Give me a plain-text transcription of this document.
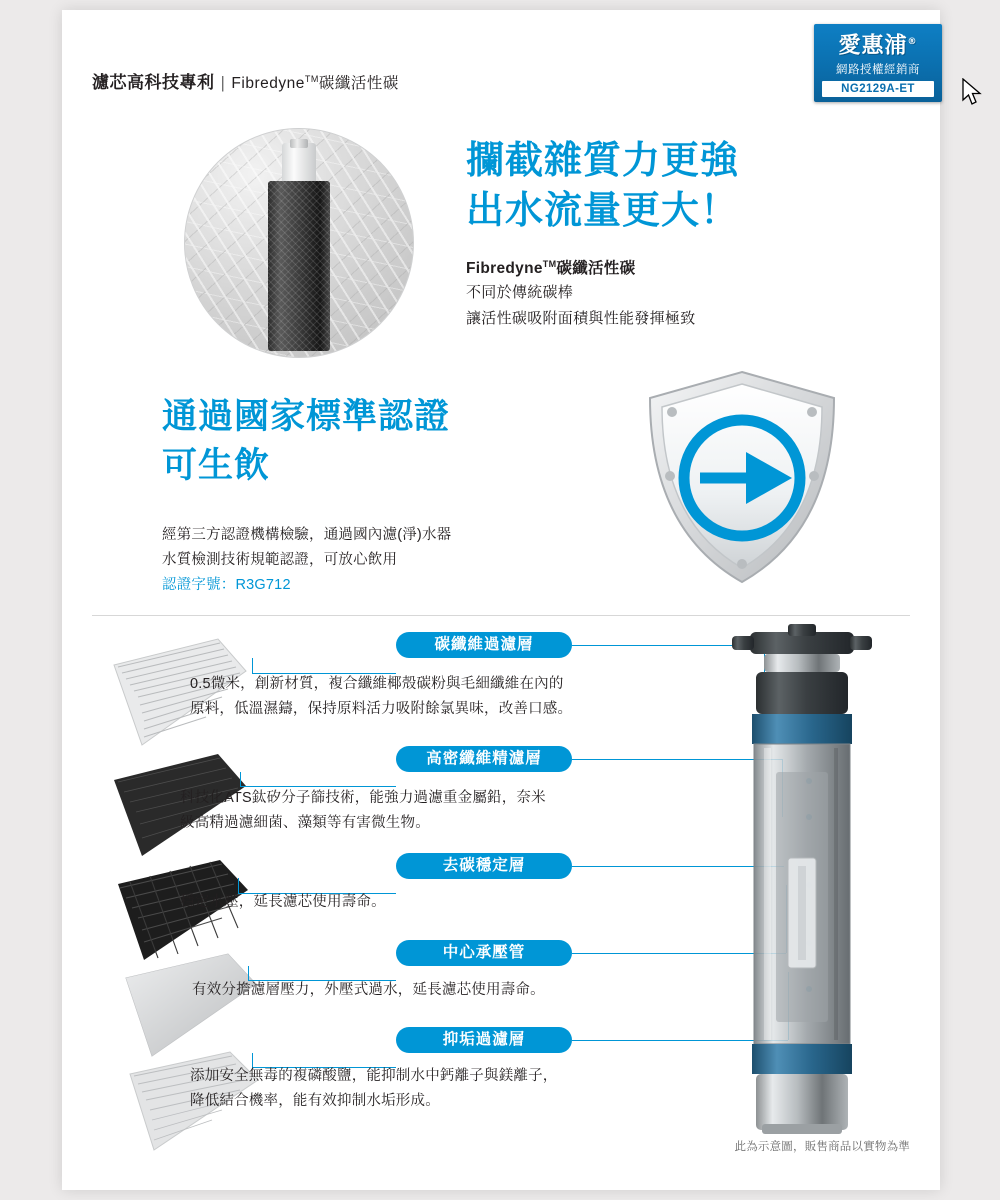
濾芯高科技專利 | Fibredyne™碳纖活性碳
愛惠浦®
網路授權經銷商
NG2129A-ET
攔截雜質力更強
出水流量更大！
Fibredyne™碳纖活性碳
不同於傳統碳棒
讓活性碳吸附面積與性能發揮極致
通過國家標準認證
可生飲
經第三方認證機構檢驗，通過國內濾(淨)水器
水質檢測技術規範認證，可放心飲用
認證字號：R3G712
碳纖維過濾層
0.5微米，創新材質，複合纖維椰殼碳粉與毛細纖維在內的
原料，低溫濕鑄，保持原料活力吸附餘氯異味，改善口感。
高密纖維精濾層
科技化ATS鈦矽分子篩技術，能強力過濾重金屬鉛，奈米
級高精過濾細菌、藻類等有害微生物。
去碳穩定層
穩定水壓，延長濾芯使用壽命。
中心承壓管
有效分擔濾層壓力，外壓式過水，延長濾芯使用壽命。
抑垢過濾層
添加安全無毒的複磷酸鹽，能抑制水中鈣離子與鎂離子，
降低結合機率，能有效抑制水垢形成。
此為示意圖，販售商品以實物為準
